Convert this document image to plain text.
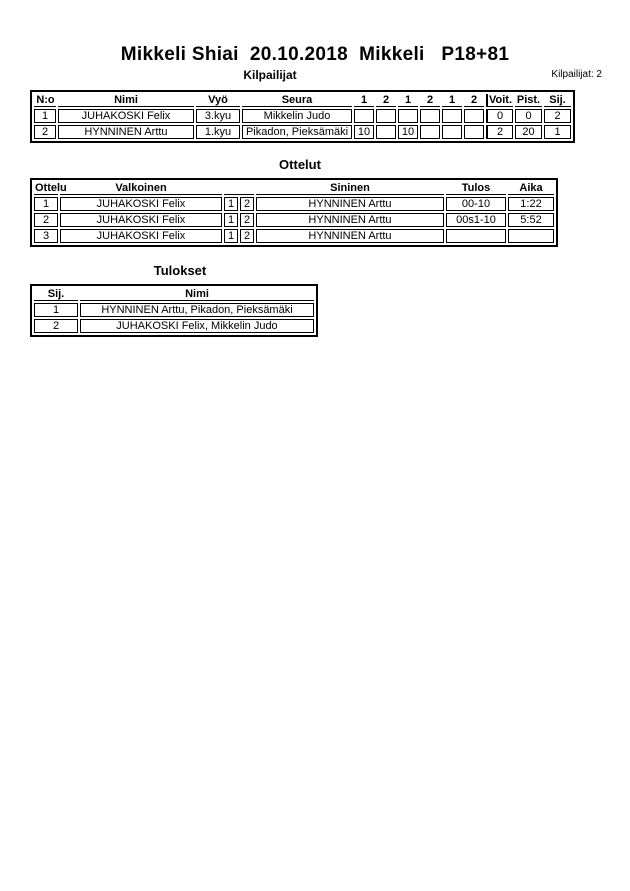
Mikkeli Shiai  20.10.2018  Mikkeli   P18+81
Kilpailijat	Kilpailijat: 2
N:o	Nimi	Vyö	Seura	1	2	1	2	1	2	Voit.	Pist.	Sij.
1	JUHAKOSKI Felix	3.kyu	Mikkelin Judo							0	0	2
2	HYNNINEN Arttu	1.kyu	Pikadon, Pieksämäki	10		10				2	20	1
Ottelut
Ottelu	Valkoinen			Sininen	Tulos	Aika
1	JUHAKOSKI Felix	1	2	HYNNINEN Arttu	00-10	1:22
2	JUHAKOSKI Felix	1	2	HYNNINEN Arttu	00s1-10	5:52
3	JUHAKOSKI Felix	1	2	HYNNINEN Arttu		
Tulokset
Sij.	Nimi
1	HYNNINEN Arttu, Pikadon, Pieksämäki
2	JUHAKOSKI Felix, Mikkelin Judo
